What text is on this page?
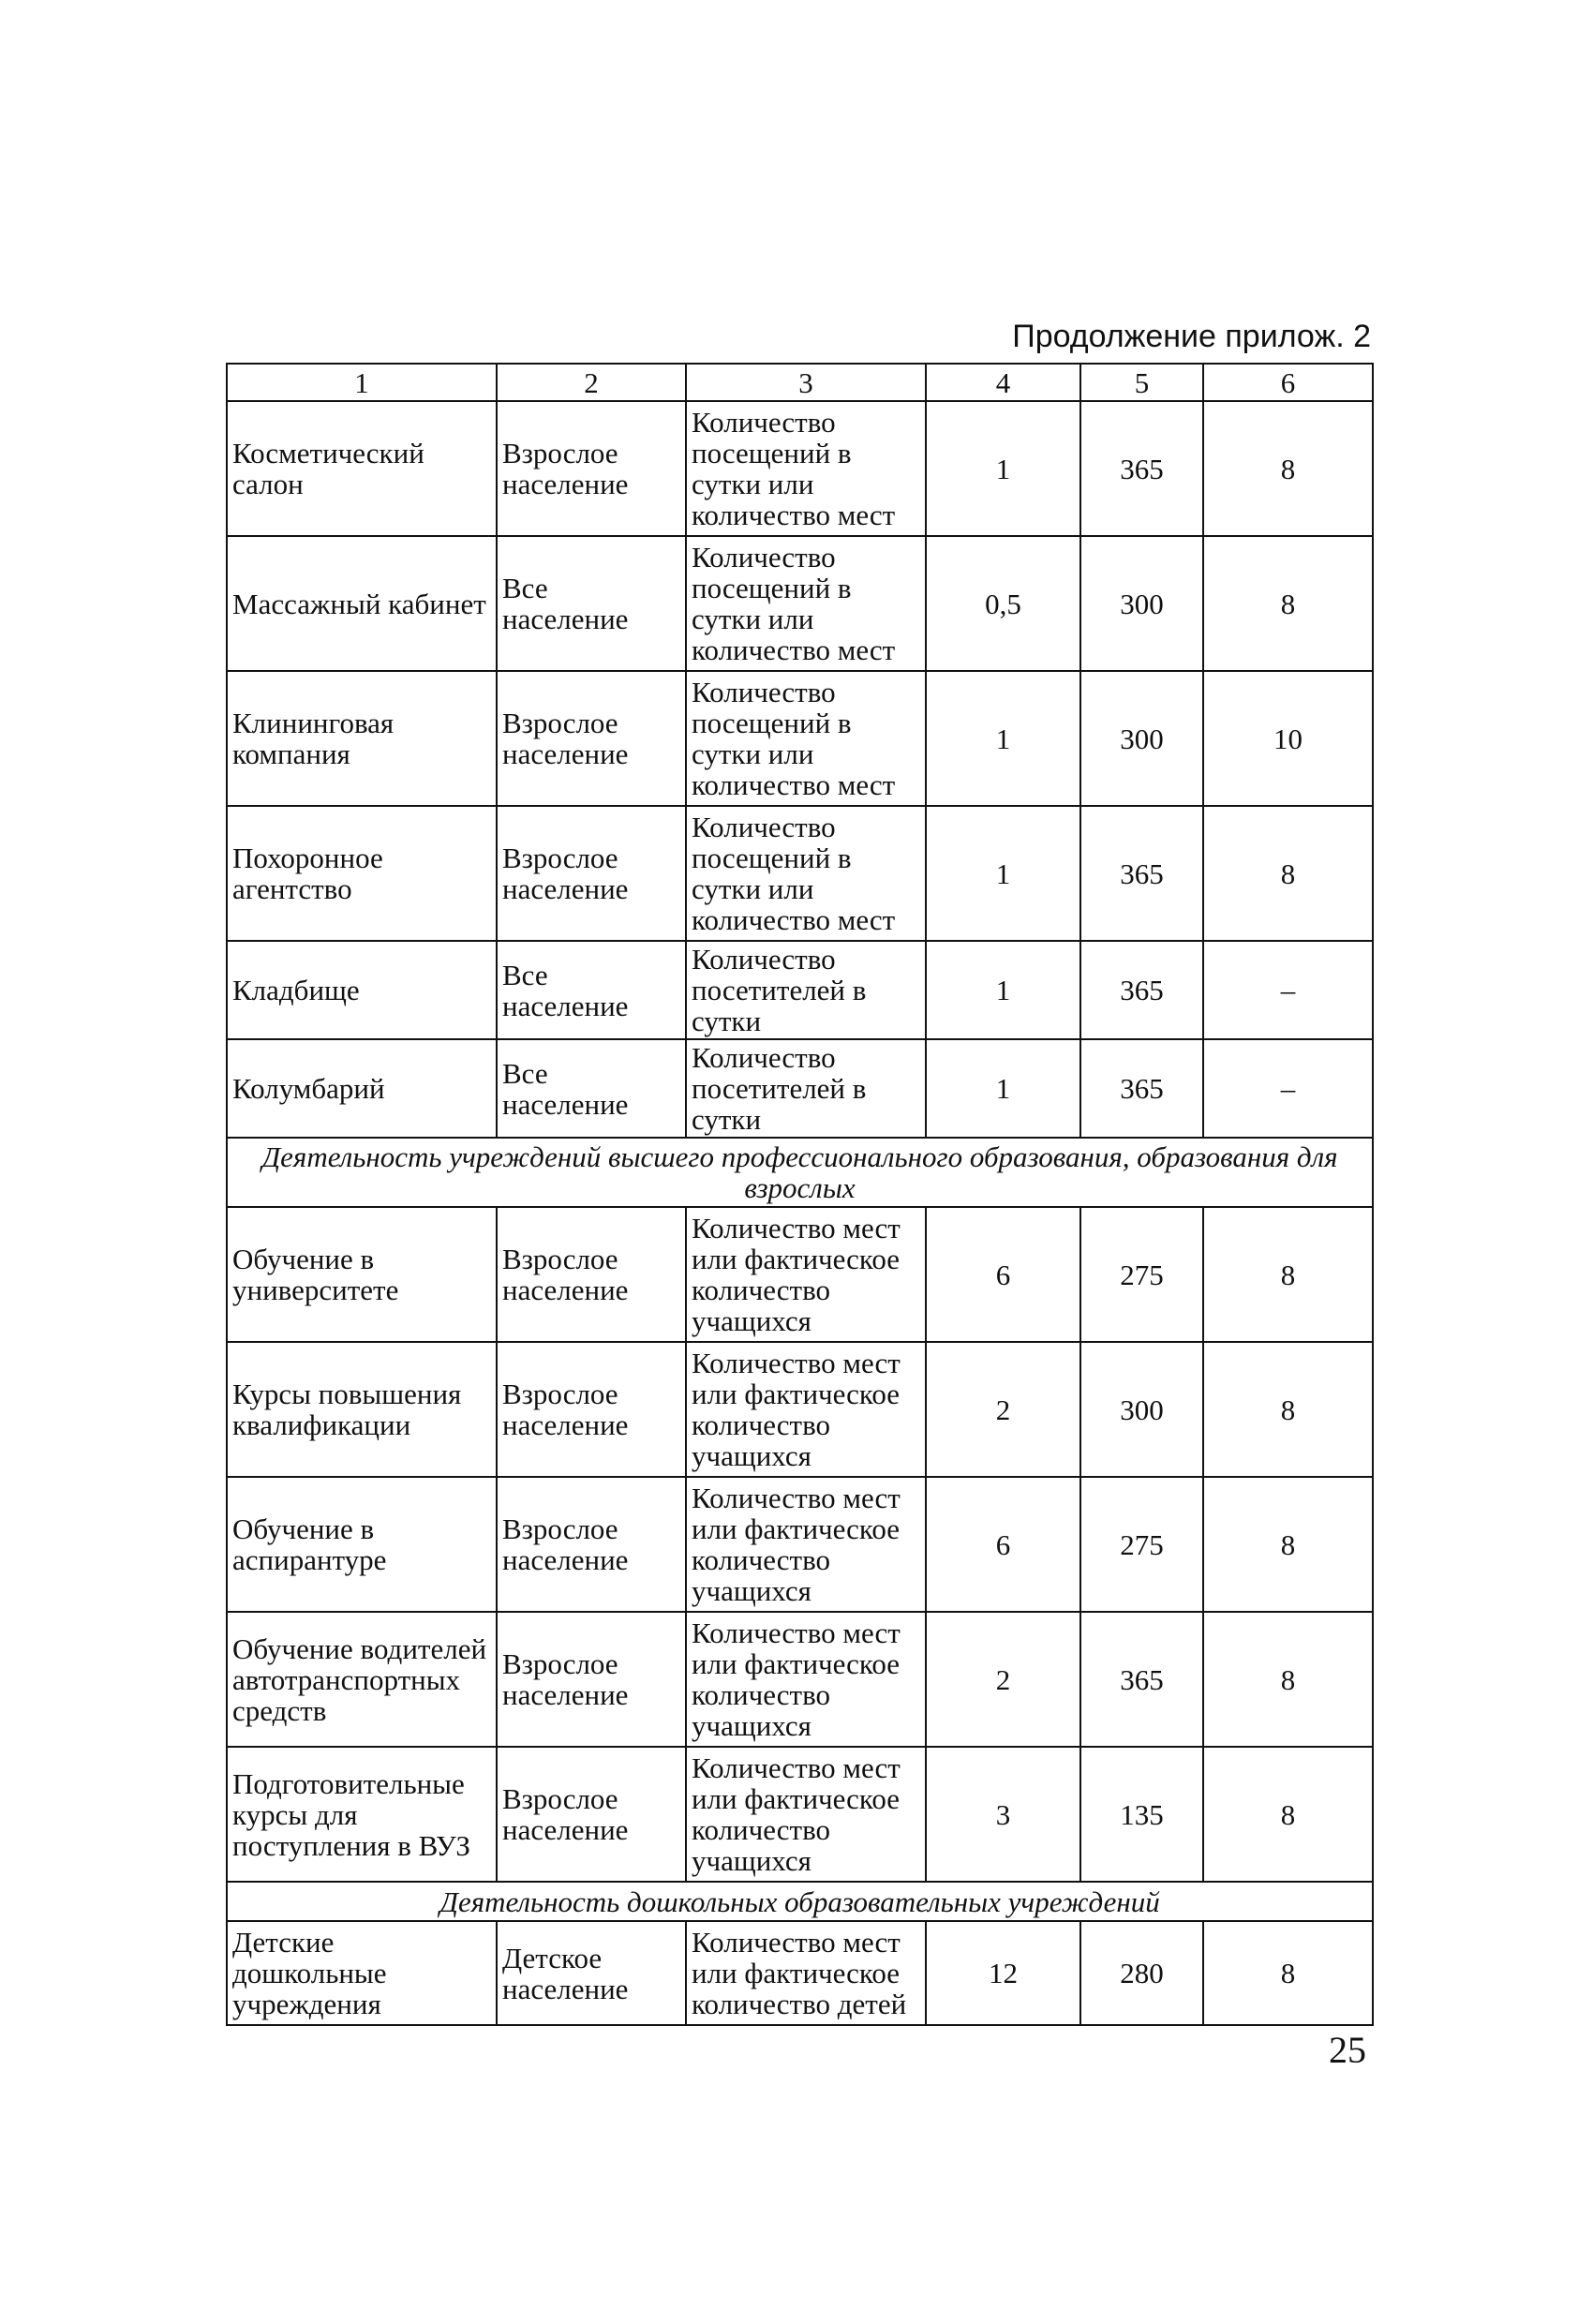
Продолжение прилож. 2
1	2	3	4	5	6
Косметический салон	Взрослое население	Количество посещений в сутки или количество мест	1	365	8
Массажный кабинет	Все население	Количество посещений в сутки или количество мест	0,5	300	8
Клининговая компания	Взрослое население	Количество посещений в сутки или количество мест	1	300	10
Похоронное агентство	Взрослое население	Количество посещений в сутки или количество мест	1	365	8
Кладбище	Все население	Количество посетителей в сутки	1	365	–
Колумбарий	Все население	Количество посетителей в сутки	1	365	–
Деятельность учреждений высшего профессионального образования, образования для взрослых					
Обучение в университете	Взрослое население	Количество мест или фактическое количество учащихся	6	275	8
Курсы повышения квалификации	Взрослое население	Количество мест или фактическое количество учащихся	2	300	8
Обучение в аспирантуре	Взрослое население	Количество мест или фактическое количество учащихся	6	275	8
Обучение водителей автотранспортных средств	Взрослое население	Количество мест или фактическое количество учащихся	2	365	8
Подготовительные курсы для поступления в ВУЗ	Взрослое население	Количество мест или фактическое количество учащихся	3	135	8
Деятельность дошкольных образовательных учреждений					
Детские дошкольные учреждения	Детское население	Количество мест или фактическое количество детей	12	280	8
25
